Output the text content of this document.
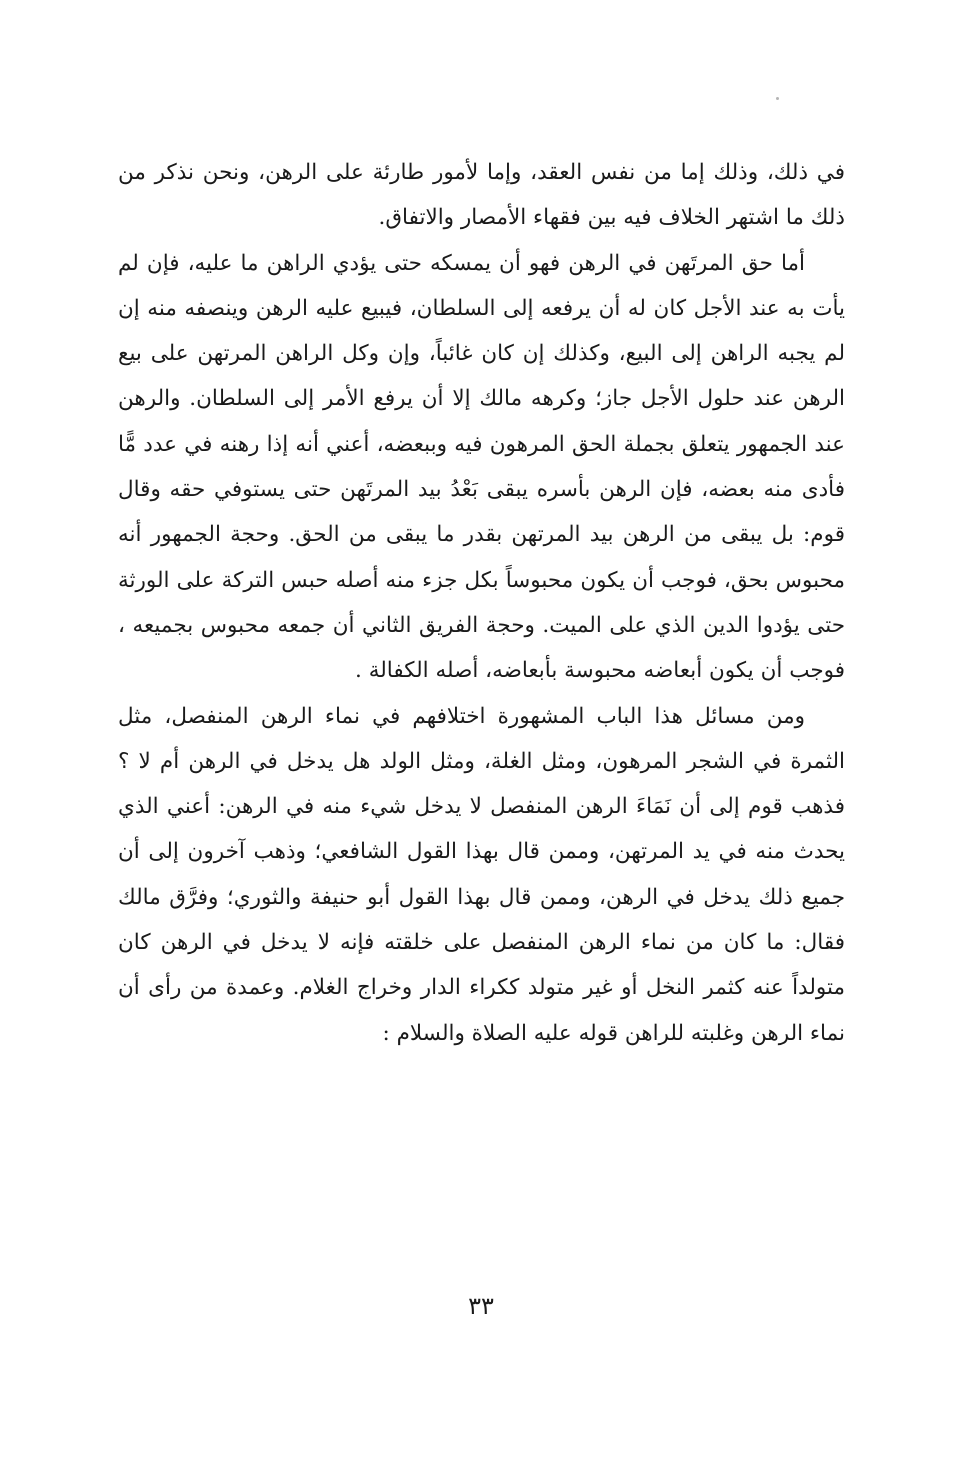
في ذلك، وذلك إما من نفس العقد، وإما لأمور طارئة على الرهن، ونحن نذكر من ذلك ما اشتهر الخلاف فيه بين فقهاء الأمصار والاتفاق.

أما حق المرتَهن في الرهن فهو أن يمسكه حتى يؤدي الراهن ما عليه، فإن لم يأت به عند الأجل كان له أن يرفعه إلى السلطان، فيبيع عليه الرهن وينصفه منه إن لم يجبه الراهن إلى البيع، وكذلك إن كان غائباً، وإن وكل الراهن المرتهن على بيع الرهن عند حلول الأجل جاز؛ وكرهه مالك إلا أن يرفع الأمر إلى السلطان. والرهن عند الجمهور يتعلق بجملة الحق المرهون فيه وببعضه، أعني أنه إذا رهنه في عدد مًّا فأدى منه بعضه، فإن الرهن بأسره يبقى بَعْدُ بيد المرتَهن حتى يستوفي حقه وقال قوم: بل يبقى من الرهن بيد المرتهن بقدر ما يبقى من الحق. وحجة الجمهور أنه محبوس بحق، فوجب أن يكون محبوساً بكل جزء منه أصله حبس التركة على الورثة حتى يؤدوا الدين الذي على الميت. وحجة الفريق الثاني أن جمعه محبوس بجميعه ، فوجب أن يكون أبعاضه محبوسة بأبعاضه، أصله الكفالة .

ومن مسائل هذا الباب المشهورة اختلافهم في نماء الرهن المنفصل، مثل الثمرة في الشجر المرهون، ومثل الغلة، ومثل الولد هل يدخل في الرهن أم لا ؟ فذهب قوم إلى أن نَمَاءَ الرهن المنفصل لا يدخل شيء منه في الرهن: أعني الذي يحدث منه في يد المرتهن، وممن قال بهذا القول الشافعي؛ وذهب آخرون إلى أن جميع ذلك يدخل في الرهن، وممن قال بهذا القول أبو حنيفة والثوري؛ وفرَّق مالك فقال: ما كان من نماء الرهن المنفصل على خلقته فإنه لا يدخل في الرهن كان متولداً عنه كثمر النخل أو غير متولد ككراء الدار وخراج الغلام. وعمدة من رأى أن نماء الرهن وغلبته للراهن قوله عليه الصلاة والسلام :

٣٣
